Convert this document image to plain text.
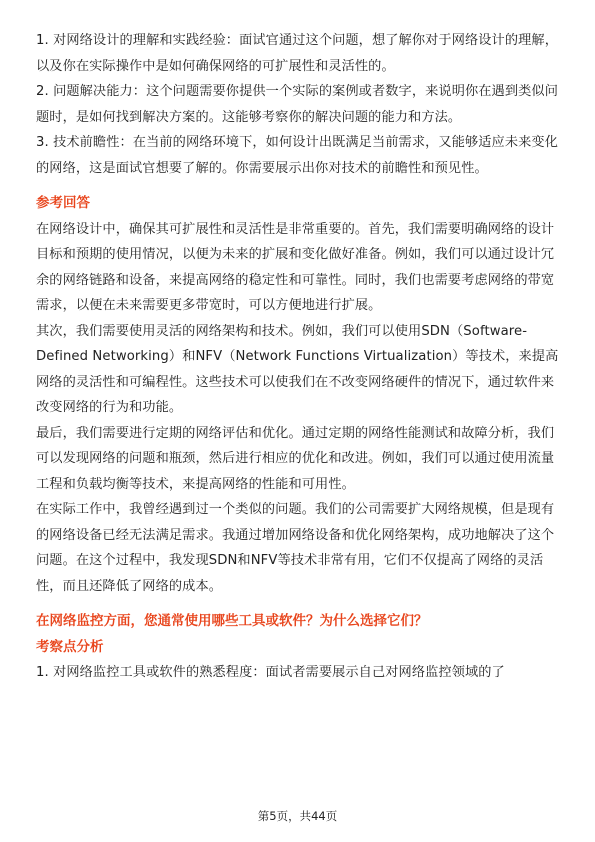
1. 对网络设计的理解和实践经验：面试官通过这个问题，想了解你对于网络设计的理解，以及你在实际操作中是如何确保网络的可扩展性和灵活性的。

2. 问题解决能力：这个问题需要你提供一个实际的案例或者数字，来说明你在遇到类似问题时，是如何找到解决方案的。这能够考察你的解决问题的能力和方法。

3. 技术前瞻性：在当前的网络环境下，如何设计出既满足当前需求，又能够适应未来变化的网络，这是面试官想要了解的。你需要展示出你对技术的前瞻性和预见性。

参考回答

在网络设计中，确保其可扩展性和灵活性是非常重要的。首先，我们需要明确网络的设计目标和预期的使用情况，以便为未来的扩展和变化做好准备。例如，我们可以通过设计冗余的网络链路和设备，来提高网络的稳定性和可靠性。同时，我们也需要考虑网络的带宽需求，以便在未来需要更多带宽时，可以方便地进行扩展。

其次，我们需要使用灵活的网络架构和技术。例如，我们可以使用SDN（Software-Defined Networking）和NFV（Network Functions Virtualization）等技术，来提高网络的灵活性和可编程性。这些技术可以使我们在不改变网络硬件的情况下，通过软件来改变网络的行为和功能。

最后，我们需要进行定期的网络评估和优化。通过定期的网络性能测试和故障分析，我们可以发现网络的问题和瓶颈，然后进行相应的优化和改进。例如，我们可以通过使用流量工程和负载均衡等技术，来提高网络的性能和可用性。

在实际工作中，我曾经遇到过一个类似的问题。我们的公司需要扩大网络规模，但是现有的网络设备已经无法满足需求。我通过增加网络设备和优化网络架构，成功地解决了这个问题。在这个过程中，我发现SDN和NFV等技术非常有用，它们不仅提高了网络的灵活性，而且还降低了网络的成本。

在网络监控方面，您通常使用哪些工具或软件？为什么选择它们？

考察点分析

1. 对网络监控工具或软件的熟悉程度：面试者需要展示自己对网络监控领域的了

第5页，共44页
